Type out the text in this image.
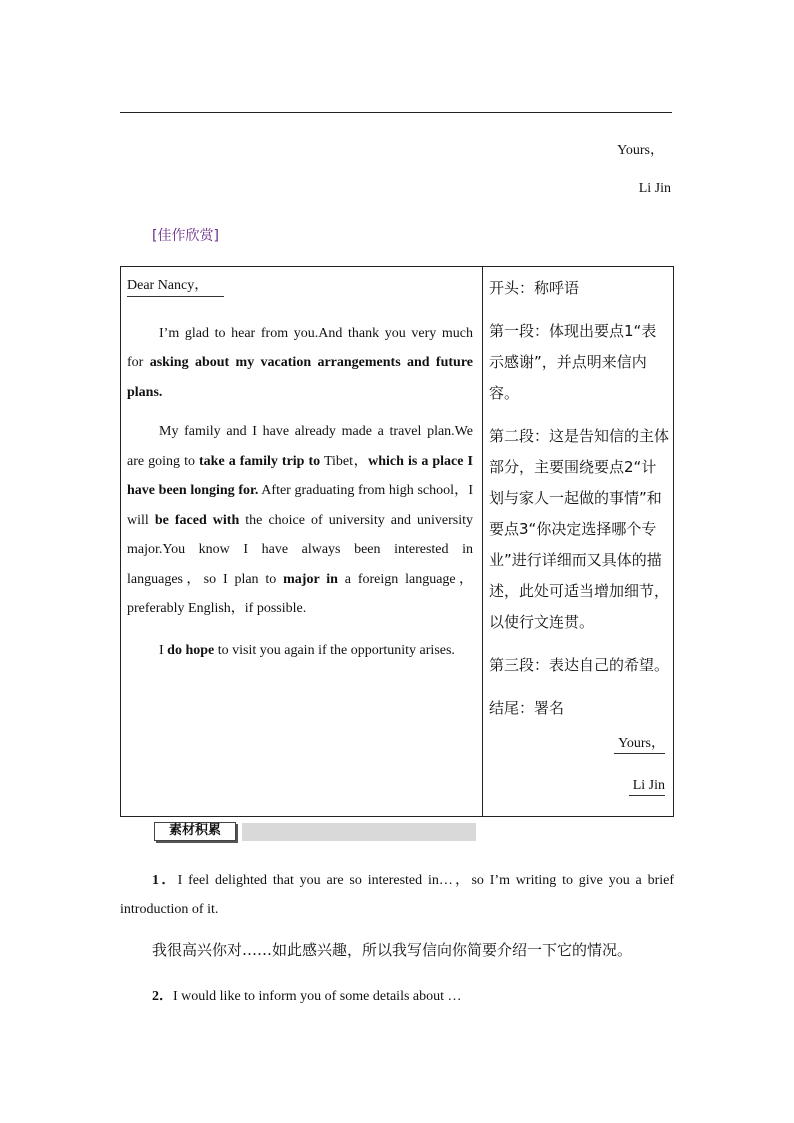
Yours，
Li Jin
[佳作欣赏]

Dear Nancy，

I’m glad to hear from you.And thank you very much for asking about my vacation arrangements and future plans.

My family and I have already made a travel plan.We are going to take a family trip to Tibet，which is a place I have been longing for. After graduating from high school，I will be faced with the choice of university and university major.You know I have always been interested in languages，so I plan to major in a foreign language，preferably English，if possible.

I do hope to visit you again if the opportunity arises.

Yours，
Li Jin

开头：称呼语

第一段：体现出要点1“表示感谢”，并点明来信内容。

第二段：这是告知信的主体部分，主要围绕要点2“计划与家人一起做的事情”和要点3“你决定选择哪个专业”进行详细而又具体的描述，此处可适当增加细节，以使行文连贯。

第三段：表达自己的希望。

结尾：署名

素材积累
1．I feel delighted that you are so interested in…，so I’m writing to give you a brief introduction of it.
我很高兴你对……如此感兴趣，所以我写信向你简要介绍一下它的情况。
2．I would like to inform you of some details about …
